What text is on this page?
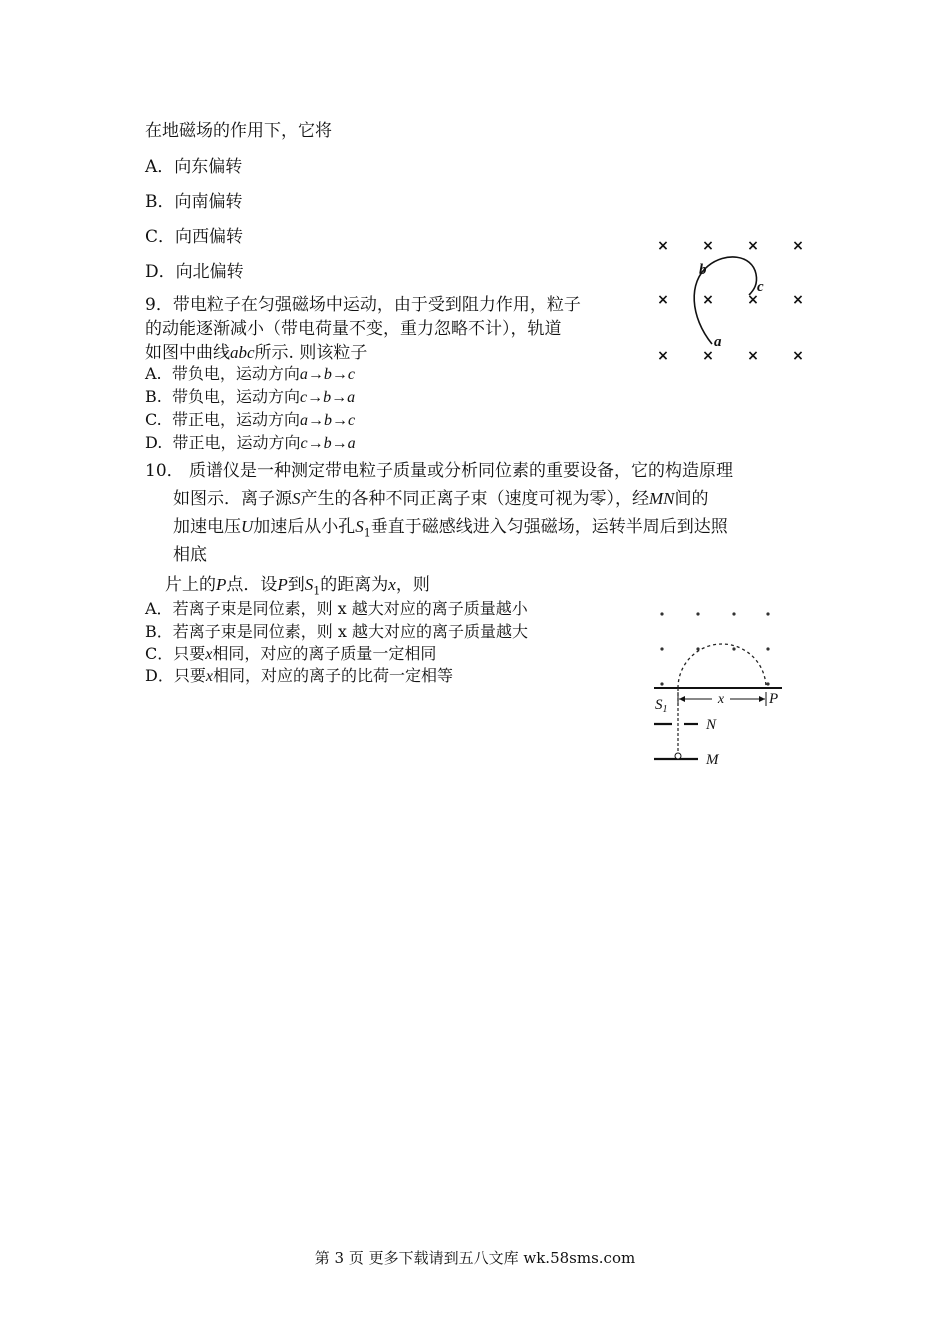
在地磁场的作用下，它将
A．向东偏转
B．向南偏转
C．向西偏转
D．向北偏转
9．带电粒子在匀强磁场中运动，由于受到阻力作用，粒子
的动能逐渐减小（带电荷量不变，重力忽略不计），轨道
如图中曲线abc所示. 则该粒子
A. 带负电，运动方向a→b→c
B. 带负电，运动方向c→b→a
C. 带正电，运动方向a→b→c
D. 带正电，运动方向c→b→a
× × × ×
× × × ×
× × × ×
b
c
a
10． 质谱仪是一种测定带电粒子质量或分析同位素的重要设备，它的构造原理
如图示．离子源S产生的各种不同正离子束（速度可视为零），经MN间的
加速电压U加速后从小孔$S_1$垂直于磁感线进入匀强磁场，运转半周后到达照
相底
片上的P点．设P到$S_1$的距离为x，则
A．若离子束是同位素，则 x 越大对应的离子质量越小
B．若离子束是同位素，则 x 越大对应的离子质量越大
C．只要x相同，对应的离子质量一定相同
D．只要x相同，对应的离子的比荷一定相等
$S_1$
x	P
N
M
第 3 页 更多下载请到五八文库 wk.58sms.com
